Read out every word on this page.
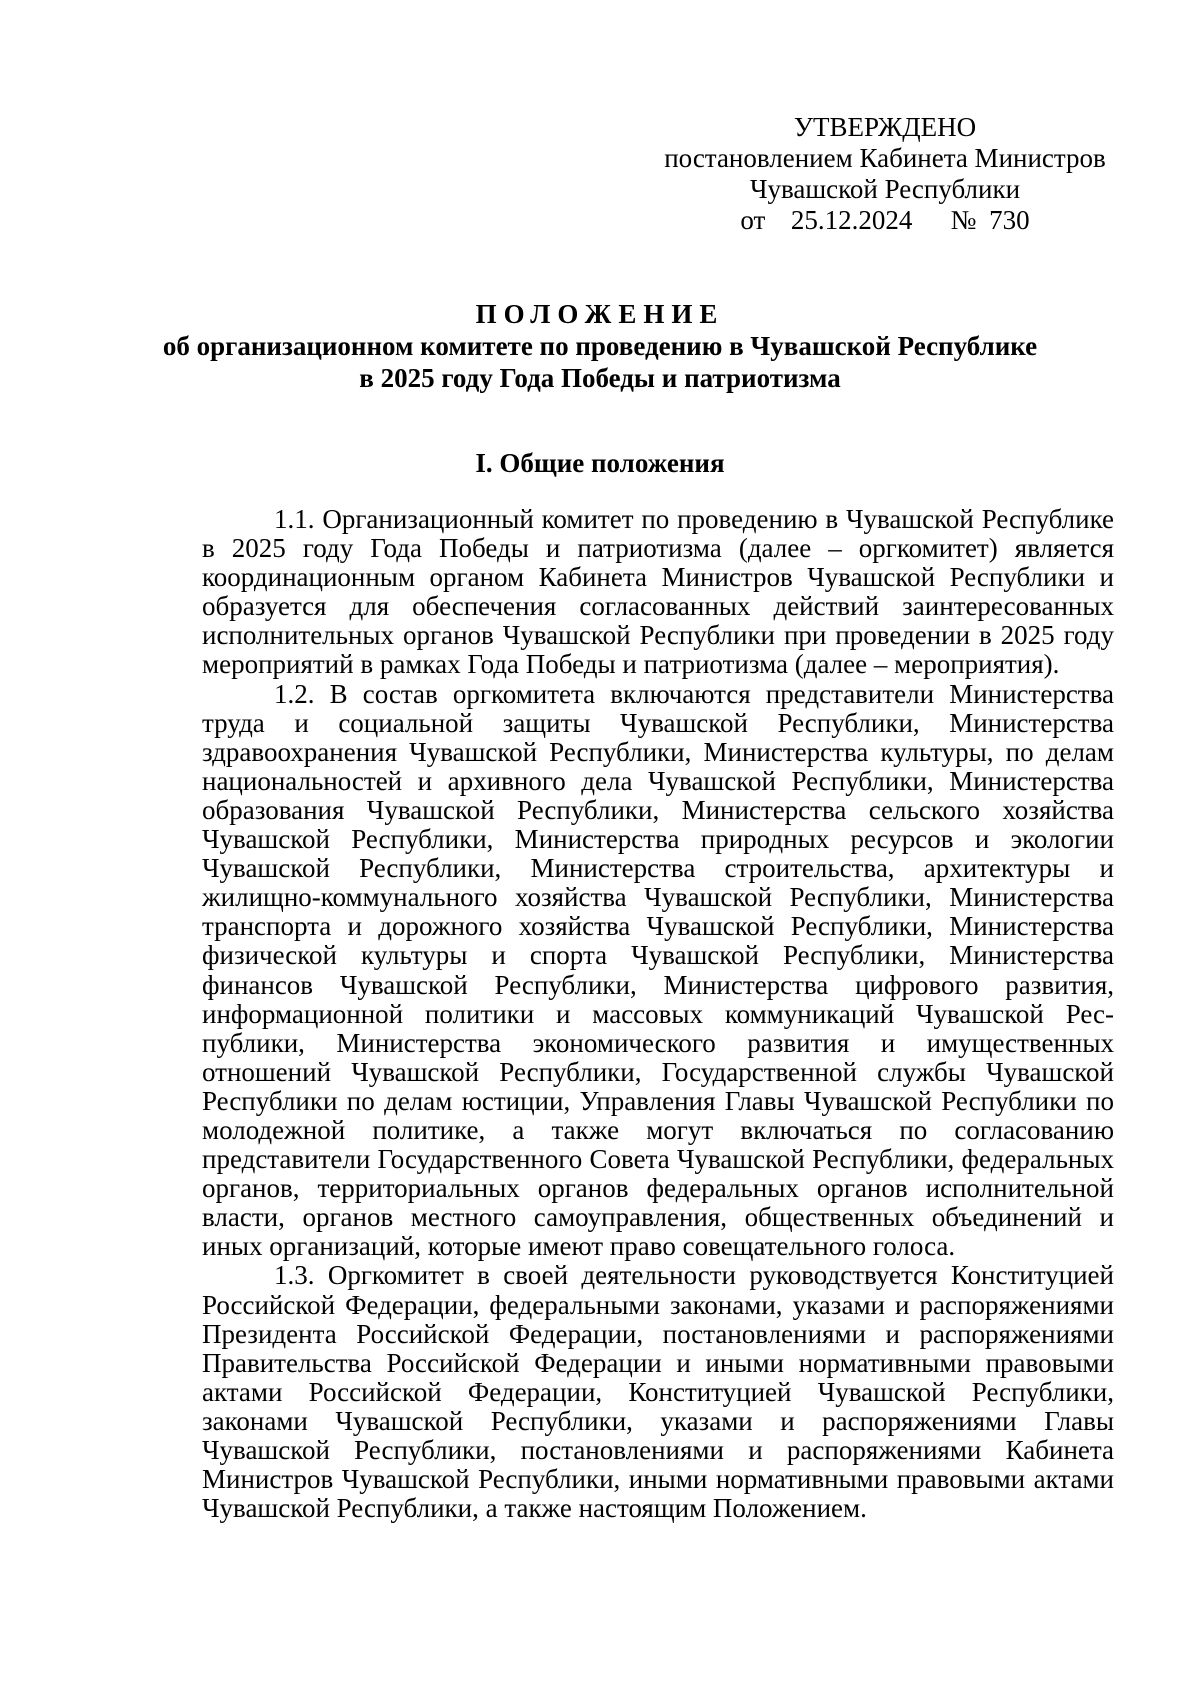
УТВЕРЖДЕНО
постановлением Кабинета Министров
Чувашской Республики
от  25.12.2024   № 730
ПОЛОЖЕНИЕ
об организационном комитете по проведению в Чувашской Республике
в 2025 году Года Победы и патриотизма
I. Общие положения

1.1. Организационный комитет по проведению в Чувашской Республике в 2025 году Года Победы и патриотизма (далее – оргкомитет) является координационным органом Кабинета Министров Чувашской Республики и образуется для обеспечения согласованных действий заинтересованных исполнительных органов Чувашской Республики при проведении в 2025 году мероприятий в рамках Года Победы и патриотизма (далее – мероприятия).

1.2. В состав оргкомитета включаются представители Министерства труда и социальной защиты Чувашской Республики, Министерства здравоохранения Чувашской Республики, Министерства культуры, по делам национальностей и архивного дела Чувашской Республики, Министерства образования Чувашской Республики, Министерства сельского хозяйства Чувашской Республики, Министерства природных ресурсов и экологии Чувашской Республики, Министерства строительства, архитектуры и жилищно-коммунального хозяйства Чувашской Республики, Министерства транспорта и дорожного хозяйства Чувашской Республики, Министерства физической культуры и спорта Чувашской Республики, Министерства финансов Чувашской Республики, Министерства цифрового развития, информационной политики и массовых коммуникаций Чувашской Республики, Министерства экономического развития и имущественных отношений Чувашской Республики, Государственной службы Чувашской Республики по делам юстиции, Управления Главы Чувашской Республики по молодежной политике, а также могут включаться по согласованию представители Государственного Совета Чувашской Республики, федеральных органов, территориальных органов федеральных органов исполнительной власти, органов местного самоуправления, общественных объединений и иных организаций, которые имеют право совещательного голоса.

1.3. Оргкомитет в своей деятельности руководствуется Конституцией Российской Федерации, федеральными законами, указами и распоряжениями Президента Российской Федерации, постановлениями и распоряжениями Правительства Российской Федерации и иными нормативными правовыми актами Российской Федерации, Конституцией Чувашской Республики, законами Чувашской Республики, указами и распоряжениями Главы Чувашской Республики, постановлениями и распоряжениями Кабинета Министров Чувашской Республики, иными нормативными правовыми актами Чувашской Республики, а также настоящим Положением.
